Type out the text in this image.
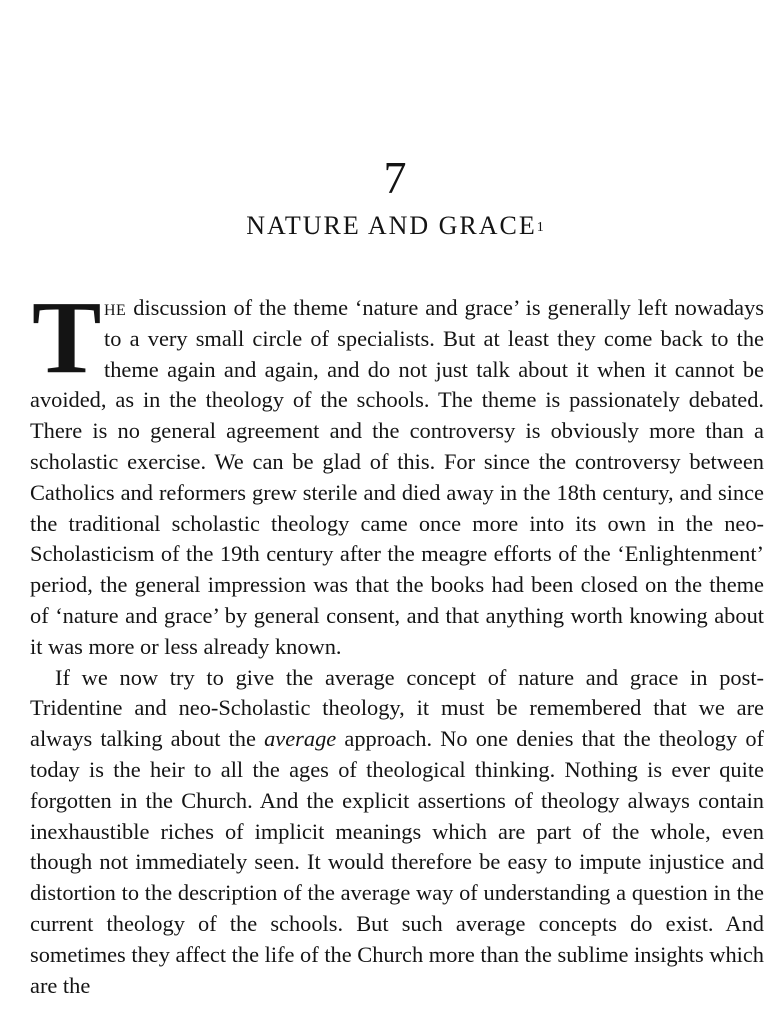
7
NATURE AND GRACE$^1$

The discussion of the theme ‘nature and grace’ is generally left nowadays to a very small circle of specialists. But at least they come back to the theme again and again, and do not just talk about it when it cannot be avoided, as in the theology of the schools. The theme is passionately debated. There is no general agreement and the controversy is obviously more than a scholastic exercise. We can be glad of this. For since the controversy between Catholics and reformers grew sterile and died away in the 18th century, and since the traditional scholastic theology came once more into its own in the neo-Scholasticism of the 19th century after the meagre efforts of the ‘Enlightenment’ period, the general impression was that the books had been closed on the theme of ‘nature and grace’ by general consent, and that anything worth knowing about it was more or less already known.

If we now try to give the average concept of nature and grace in post-Tridentine and neo-Scholastic theology, it must be remembered that we are always talking about the average approach. No one denies that the theology of today is the heir to all the ages of theological thinking. Nothing is ever quite forgotten in the Church. And the explicit assertions of theology always contain inexhaustible riches of implicit meanings which are part of the whole, even though not immediately seen. It would therefore be easy to impute injustice and distortion to the description of the average way of understanding a question in the current theology of the schools. But such average concepts do exist. And sometimes they affect the life of the Church more than the sublime insights which are the
